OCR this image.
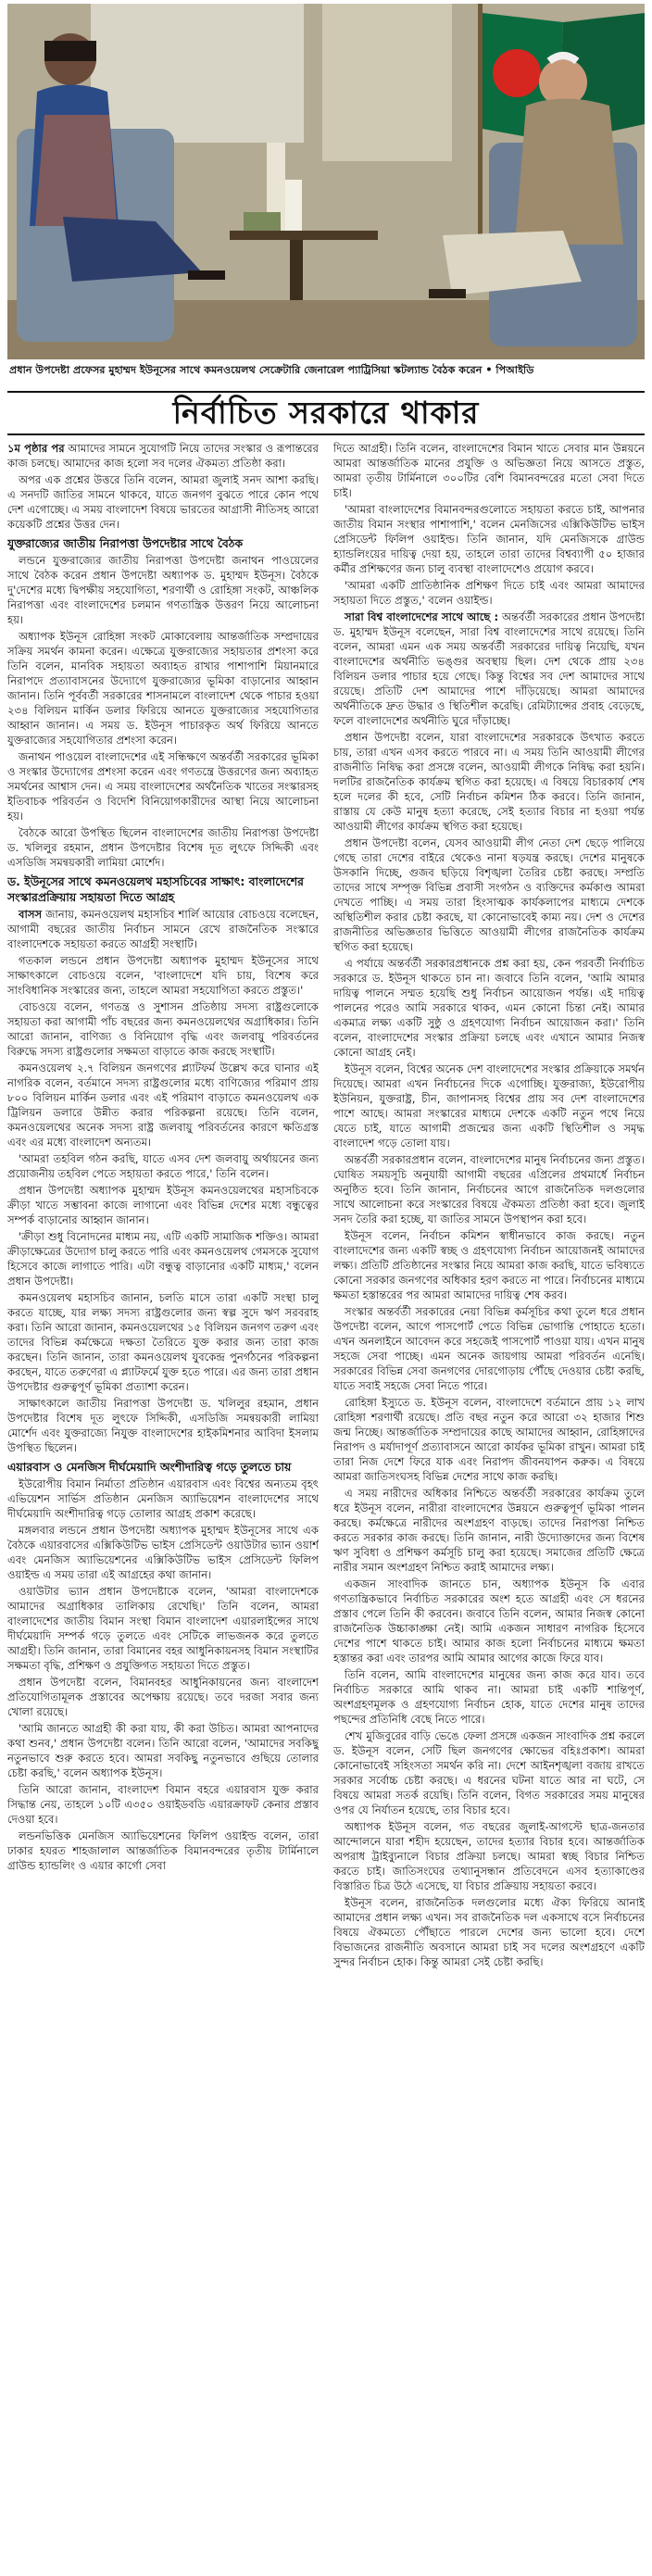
প্রধান উপদেষ্টা প্রফেসর মুহাম্মদ ইউনূসের সাথে কমনওয়েলথ সেক্রেটারি জেনারেল প্যাট্রিসিয়া স্কটল্যান্ড বৈঠক করেন • পিআইডি
নির্বাচিত সরকারে থাকার

১ম পৃষ্ঠার পর আমাদের সামনে সুযোগটি নিয়ে তাদের সংস্কার ও রূপান্তরের কাজ চলছে। আমাদের কাজ হলো সব দলের ঐকমত্য প্রতিষ্ঠা করা।

অপর এক প্রশ্নের উত্তরে তিনি বলেন, আমরা জুলাই সনদ আশা করছি। এ সনদটি জাতির সামনে থাকবে, যাতে জনগণ বুঝতে পারে কোন পথে দেশ এগোচ্ছে। এ সময় বাংলাদেশ বিষয়ে ভারতের আগ্রাসী নীতিসহ আরো কয়েকটি প্রশ্নের উত্তর দেন।

যুক্তরাজ্যের জাতীয় নিরাপত্তা উপদেষ্টার সাথে বৈঠক

লন্ডনে যুক্তরাজ্যের জাতীয় নিরাপত্তা উপদেষ্টা জনাথন পাওয়েলের সাথে বৈঠক করেন প্রধান উপদেষ্টা অধ্যাপক ড. মুহাম্মদ ইউনূস। বৈঠকে দু'দেশের মধ্যে দ্বিপক্ষীয় সহযোগিতা, শরণার্থী ও রোহিঙ্গা সংকট, আঞ্চলিক নিরাপত্তা এবং বাংলাদেশের চলমান গণতান্ত্রিক উত্তরণ নিয়ে আলোচনা হয়।

অধ্যাপক ইউনূস রোহিঙ্গা সংকট মোকাবেলায় আন্তর্জাতিক সম্প্রদায়ের সক্রিয় সমর্থন কামনা করেন। এক্ষেত্রে যুক্তরাজ্যের সহায়তার প্রশংসা করে তিনি বলেন, মানবিক সহায়তা অব্যাহত রাখার পাশাপাশি মিয়ানমারে নিরাপদে প্রত্যাবাসনের উদ্যোগে যুক্তরাজ্যের ভূমিকা বাড়ানোর আহ্বান জানান। তিনি পূর্ববর্তী সরকারের শাসনামলে বাংলাদেশ থেকে পাচার হওয়া ২৩৪ বিলিয়ন মার্কিন ডলার ফিরিয়ে আনতে যুক্তরাজ্যের সহযোগিতার আহ্বান জানান। এ সময় ড. ইউনূস পাচারকৃত অর্থ ফিরিয়ে আনতে যুক্তরাজ্যের সহযোগিতার প্রশংসা করেন।

জনাথন পাওয়েল বাংলাদেশের এই সন্ধিক্ষণে অন্তর্বর্তী সরকারের ভূমিকা ও সংস্কার উদ্যোগের প্রশংসা করেন এবং গণতন্ত্রে উত্তরণের জন্য অব্যাহত সমর্থনের আশ্বাস দেন। এ সময় বাংলাদেশের অর্থনৈতিক খাতের সংস্কারসহ ইতিবাচক পরিবর্তন ও বিদেশি বিনিয়োগকারীদের আস্থা নিয়ে আলোচনা হয়।

বৈঠকে আরো উপস্থিত ছিলেন বাংলাদেশের জাতীয় নিরাপত্তা উপদেষ্টা ড. খলিলুর রহমান, প্রধান উপদেষ্টার বিশেষ দূত লুৎফে সিদ্দিকী এবং এসডিজি সমন্বয়কারী লামিয়া মোর্শেদ।

ড. ইউনূসের সাথে কমনওয়েলথ মহাসচিবের সাক্ষাৎ: বাংলাদেশের সংস্কারপ্রক্রিয়ায় সহায়তা দিতে আগ্রহ

বাসস জানায়, কমনওয়েলথ মহাসচিব শার্লি আয়োর বোচওয়ে বলেছেন, আগামী বছরের জাতীয় নির্বাচন সামনে রেখে রাজনৈতিক সংস্কারে বাংলাদেশকে সহায়তা করতে আগ্রহী সংস্থাটি।

গতকাল লন্ডনে প্রধান উপদেষ্টা অধ্যাপক মুহাম্মদ ইউনূসের সাথে সাক্ষাৎকালে বোচওয়ে বলেন, 'বাংলাদেশে যদি চায়, বিশেষ করে সাংবিধানিক সংস্কারের জন্য, তাহলে আমরা সহযোগিতা করতে প্রস্তুত।'

বোচওয়ে বলেন, গণতন্ত্র ও সুশাসন প্রতিষ্ঠায় সদস্য রাষ্ট্রগুলোকে সহায়তা করা আগামী পাঁচ বছরের জন্য কমনওয়েলথের অগ্রাধিকার। তিনি আরো জানান, বাণিজ্য ও বিনিয়োগ বৃদ্ধি এবং জলবায়ু পরিবর্তনের বিরুদ্ধে সদস্য রাষ্ট্রগুলোর সক্ষমতা বাড়াতে কাজ করছে সংস্থাটি।

কমনওয়েলথ ২.৭ বিলিয়ন জনগণের প্ল্যাটফর্ম উল্লেখ করে ঘানার এই নাগরিক বলেন, বর্তমানে সদস্য রাষ্ট্রগুলোর মধ্যে বাণিজ্যের পরিমাণ প্রায় ৮০০ বিলিয়ন মার্কিন ডলার এবং এই পরিমাণ বাড়াতে কমনওয়েলথ এক ট্রিলিয়ন ডলারে উন্নীত করার পরিকল্পনা রয়েছে। তিনি বলেন, কমনওয়েলথের অনেক সদস্য রাষ্ট্র জলবায়ু পরিবর্তনের কারণে ক্ষতিগ্রস্ত এবং এর মধ্যে বাংলাদেশ অন্যতম।

'আমরা তহবিল গঠন করছি, যাতে এসব দেশ জলবায়ু অর্থায়নের জন্য প্রয়োজনীয় তহবিল পেতে সহায়তা করতে পারে,' তিনি বলেন।

প্রধান উপদেষ্টা অধ্যাপক মুহাম্মদ ইউনূস কমনওয়েলথের মহাসচিবকে ক্রীড়া খাতে সম্ভাবনা কাজে লাগানো এবং বিভিন্ন দেশের মধ্যে বন্ধুত্বের সম্পর্ক বাড়ানোর আহ্বান জানান।

'ক্রীড়া শুধু বিনোদনের মাধ্যম নয়, এটি একটি সামাজিক শক্তিও। আমরা ক্রীড়াক্ষেত্রের উদ্যোগ চালু করতে পারি এবং কমনওয়েলথ গেমসকে সুযোগ হিসেবে কাজে লাগাতে পারি। এটা বন্ধুত্ব বাড়ানোর একটি মাধ্যম,' বলেন প্রধান উপদেষ্টা।

কমনওয়েলথ মহাসচিব জানান, চলতি মাসে তারা একটি সংস্থা চালু করতে যাচ্ছে, যার লক্ষ্য সদস্য রাষ্ট্রগুলোর জন্য স্বল্প সুদে ঋণ সরবরাহ করা। তিনি আরো জানান, কমনওয়েলথের ১৫ বিলিয়ন জনগণ তরুণ এবং তাদের বিভিন্ন কর্মক্ষেত্রে দক্ষতা তৈরিতে যুক্ত করার জন্য তারা কাজ করছেন। তিনি জানান, তারা কমনওয়েলথ যুবকেন্দ্র পুনর্গঠনের পরিকল্পনা করছেন, যাতে তরুণেরা এ প্ল্যাটফর্মে যুক্ত হতে পারে। এর জন্য তারা প্রধান উপদেষ্টার গুরুত্বপূর্ণ ভূমিকা প্রত্যাশা করেন।

সাক্ষাৎকালে জাতীয় নিরাপত্তা উপদেষ্টা ড. খলিলুর রহমান, প্রধান উপদেষ্টার বিশেষ দূত লুৎফে সিদ্দিকী, এসডিজি সমন্বয়কারী লামিয়া মোর্শেদ এবং যুক্তরাজ্যে নিযুক্ত বাংলাদেশের হাইকমিশনার আবিদা ইসলাম উপস্থিত ছিলেন।

এয়ারবাস ও মেনজিস দীর্ঘমেয়াদি অংশীদারিত্ব গড়ে তুলতে চায়

ইউরোপীয় বিমান নির্মাতা প্রতিষ্ঠান এয়ারবাস এবং বিশ্বের অন্যতম বৃহৎ এভিয়েশন সার্ভিস প্রতিষ্ঠান মেনজিস অ্যাভিয়েশন বাংলাদেশের সাথে দীর্ঘমেয়াদি অংশীদারিত্ব গড়ে তোলার আগ্রহ প্রকাশ করেছে।

মঙ্গলবার লন্ডনে প্রধান উপদেষ্টা অধ্যাপক মুহাম্মদ ইউনূসের সাথে এক বৈঠকে এয়ারবাসের এক্সিকিউটিভ ভাইস প্রেসিডেন্ট ওয়াউটার ভ্যান ওয়ার্শ এবং মেনজিস অ্যাভিয়েশনের এক্সিকিউটিভ ভাইস প্রেসিডেন্ট ফিলিপ ওয়াইল্ড এ সময় তারা এই আগ্রহের কথা জানান।

ওয়াউটার ভ্যান প্রধান উপদেষ্টাকে বলেন, 'আমরা বাংলাদেশকে আমাদের অগ্রাধিকার তালিকায় রেখেছি।' তিনি বলেন, আমরা বাংলাদেশের জাতীয় বিমান সংস্থা বিমান বাংলাদেশ এয়ারলাইন্সের সাথে দীর্ঘমেয়াদি সম্পর্ক গড়ে তুলতে এবং সেটিকে লাভজনক করে তুলতে আগ্রহী। তিনি জানান, তারা বিমানের বহর আধুনিকায়নসহ বিমান সংস্থাটির সক্ষমতা বৃদ্ধি, প্রশিক্ষণ ও প্রযুক্তিগত সহায়তা দিতে প্রস্তুত।

প্রধান উপদেষ্টা বলেন, বিমানবহর আধুনিকায়নের জন্য বাংলাদেশ প্রতিযোগিতামূলক প্রস্তাবের অপেক্ষায় রয়েছে। তবে দরজা সবার জন্য খোলা রয়েছে।

'আমি জানতে আগ্রহী কী করা যায়, কী করা উচিত। আমরা আপনাদের কথা শুনব,' প্রধান উপদেষ্টা বলেন। তিনি আরো বলেন, 'আমাদের সবকিছু নতুনভাবে শুরু করতে হবে। আমরা সবকিছু নতুনভাবে গুছিয়ে তোলার চেষ্টা করছি,' বলেন অধ্যাপক ইউনূস।

তিনি আরো জানান, বাংলাদেশ বিমান বহরে এয়ারবাস যুক্ত করার সিদ্ধান্ত নেয়, তাহলে ১০টি এ৩৫০ ওয়াইডবডি এয়ারক্রাফট কেনার প্রস্তাব দেওয়া হবে।

লন্ডনভিত্তিক মেনজিস অ্যাভিয়েশনের ফিলিপ ওয়াইল্ড বলেন, তারা ঢাকার হযরত শাহজালাল আন্তর্জাতিক বিমানবন্দরের তৃতীয় টার্মিনালে গ্রাউন্ড হ্যান্ডলিং ও এয়ার কার্গো সেবা

দিতে আগ্রহী। তিনি বলেন, বাংলাদেশের বিমান খাতে সেবার মান উন্নয়নে আমরা আন্তর্জাতিক মানের প্রযুক্তি ও অভিজ্ঞতা নিয়ে আসতে প্রস্তুত, আমরা তৃতীয় টার্মিনালে ৩০০টির বেশি বিমানবন্দরের মতো সেবা দিতে চাই।

'আমরা বাংলাদেশের বিমানবন্দরগুলোতে সহায়তা করতে চাই, আপনার জাতীয় বিমান সংস্থার পাশাপাশি,' বলেন মেনজিসের এক্সিকিউটিভ ভাইস প্রেসিডেন্ট ফিলিপ ওয়াইল্ড। তিনি জানান, যদি মেনজিসকে গ্রাউন্ড হ্যান্ডলিংয়ের দায়িত্ব দেয়া হয়, তাহলে তারা তাদের বিশ্বব্যাপী ৫০ হাজার কর্মীর প্রশিক্ষণের জন্য চালু ব্যবস্থা বাংলাদেশেও প্রয়োগ করবে।

'আমরা একটি প্রাতিষ্ঠানিক প্রশিক্ষণ দিতে চাই এবং আমরা আমাদের সহায়তা দিতে প্রস্তুত,' বলেন ওয়াইল্ড।

সারা বিশ্ব বাংলাদেশের সাথে আছে : অন্তর্বর্তী সরকারের প্রধান উপদেষ্টা ড. মুহাম্মদ ইউনূস বলেছেন, সারা বিশ্ব বাংলাদেশের সাথে রয়েছে। তিনি বলেন, আমরা এমন এক সময় অন্তর্বর্তী সরকারের দায়িত্ব নিয়েছি, যখন বাংলাদেশের অর্থনীতি ভঙ্গুর অবস্থায় ছিল। দেশ থেকে প্রায় ২৩৪ বিলিয়ন ডলার পাচার হয়ে গেছে। কিন্তু বিশ্বের সব দেশ আমাদের সাথে রয়েছে। প্রতিটি দেশ আমাদের পাশে দাঁড়িয়েছে। আমরা আমাদের অর্থনীতিকে দ্রুত উদ্ধার ও স্থিতিশীল করেছি। রেমিট্যান্সের প্রবাহ বেড়েছে, ফলে বাংলাদেশের অর্থনীতি ঘুরে দাঁড়াচ্ছে।

প্রধান উপদেষ্টা বলেন, যারা বাংলাদেশের সরকারকে উৎখাত করতে চায়, তারা এখন এসব করতে পারবে না। এ সময় তিনি আওয়ামী লীগের রাজনীতি নিষিদ্ধ করা প্রসঙ্গে বলেন, আওয়ামী লীগকে নিষিদ্ধ করা হয়নি। দলটির রাজনৈতিক কার্যক্রম স্থগিত করা হয়েছে। এ বিষয়ে বিচারকার্য শেষ হলে দলের কী হবে, সেটি নির্বাচন কমিশন ঠিক করবে। তিনি জানান, রাস্তায় যে কেউ মানুষ হত্যা করেছে, সেই হত্যার বিচার না হওয়া পর্যন্ত আওয়ামী লীগের কার্যক্রম স্থগিত করা হয়েছে।

প্রধান উপদেষ্টা বলেন, যেসব আওয়ামী লীগ নেতা দেশ ছেড়ে পালিয়ে গেছে তারা দেশের বাইরে থেকেও নানা ষড়যন্ত্র করছে। দেশের মানুষকে উসকানি দিচ্ছে, গুজব ছড়িয়ে বিশৃঙ্খলা তৈরির চেষ্টা করছে। সম্প্রতি তাদের সাথে সম্পৃক্ত বিভিন্ন প্রবাসী সংগঠন ও ব্যক্তিদের কর্মকাণ্ড আমরা দেখতে পাচ্ছি। এ সময় তারা হিংসাত্মক কার্যকলাপের মাধ্যমে দেশকে অস্থিতিশীল করার চেষ্টা করছে, যা কোনোভাবেই কাম্য নয়। দেশ ও দেশের রাজনীতির অভিজ্ঞতার ভিত্তিতে আওয়ামী লীগের রাজনৈতিক কার্যক্রম স্থগিত করা হয়েছে।

এ পর্যায়ে অন্তর্বর্তী সরকারপ্রধানকে প্রশ্ন করা হয়, কেন পরবর্তী নির্বাচিত সরকারে ড. ইউনূস থাকতে চান না। জবাবে তিনি বলেন, 'আমি আমার দায়িত্ব পালনে সম্মত হয়েছি শুধু নির্বাচন আয়োজন পর্যন্ত। এই দায়িত্ব পালনের পরেও আমি সরকারে থাকব, এমন কোনো চিন্তা নেই। আমার একমাত্র লক্ষ্য একটি সুষ্ঠু ও গ্রহণযোগ্য নির্বাচন আয়োজন করা।' তিনি বলেন, বাংলাদেশের সংস্কার প্রক্রিয়া চলছে এবং এখানে আমার নিজস্ব কোনো আগ্রহ নেই।

ইউনূস বলেন, বিশ্বের অনেক দেশ বাংলাদেশের সংস্কার প্রক্রিয়াকে সমর্থন দিয়েছে। আমরা এখন নির্বাচনের দিকে এগোচ্ছি। যুক্তরাজ্য, ইউরোপীয় ইউনিয়ন, যুক্তরাষ্ট্র, চীন, জাপানসহ বিশ্বের প্রায় সব দেশ বাংলাদেশের পাশে আছে। আমরা সংস্কারের মাধ্যমে দেশকে একটি নতুন পথে নিয়ে যেতে চাই, যাতে আগামী প্রজন্মের জন্য একটি স্থিতিশীল ও সমৃদ্ধ বাংলাদেশ গড়ে তোলা যায়।

অন্তর্বর্তী সরকারপ্রধান বলেন, বাংলাদেশের মানুষ নির্বাচনের জন্য প্রস্তুত। ঘোষিত সময়সূচি অনুযায়ী আগামী বছরের এপ্রিলের প্রথমার্ধে নির্বাচন অনুষ্ঠিত হবে। তিনি জানান, নির্বাচনের আগে রাজনৈতিক দলগুলোর সাথে আলোচনা করে সংস্কারের বিষয়ে ঐকমত্য প্রতিষ্ঠা করা হবে। জুলাই সনদ তৈরি করা হচ্ছে, যা জাতির সামনে উপস্থাপন করা হবে।

ইউনূস বলেন, নির্বাচন কমিশন স্বাধীনভাবে কাজ করছে। নতুন বাংলাদেশের জন্য একটি স্বচ্ছ ও গ্রহণযোগ্য নির্বাচন আয়োজনই আমাদের লক্ষ্য। প্রতিটি প্রতিষ্ঠানের সংস্কার নিয়ে আমরা কাজ করছি, যাতে ভবিষ্যতে কোনো সরকার জনগণের অধিকার হরণ করতে না পারে। নির্বাচনের মাধ্যমে ক্ষমতা হস্তান্তরের পর আমরা আমাদের দায়িত্ব শেষ করব।

সংস্কার অন্তর্বর্তী সরকারের নেয়া বিভিন্ন কর্মসূচির কথা তুলে ধরে প্রধান উপদেষ্টা বলেন, আগে পাসপোর্ট পেতে বিভিন্ন ভোগান্তি পোহাতে হতো। এখন অনলাইনে আবেদন করে সহজেই পাসপোর্ট পাওয়া যায়। এখন মানুষ সহজে সেবা পাচ্ছে। এমন অনেক জায়গায় আমরা পরিবর্তন এনেছি। সরকারের বিভিন্ন সেবা জনগণের দোরগোড়ায় পৌঁছে দেওয়ার চেষ্টা করছি, যাতে সবাই সহজে সেবা নিতে পারে।

রোহিঙ্গা ইস্যুতে ড. ইউনূস বলেন, বাংলাদেশে বর্তমানে প্রায় ১২ লাখ রোহিঙ্গা শরণার্থী রয়েছে। প্রতি বছর নতুন করে আরো ৩২ হাজার শিশু জন্ম নিচ্ছে। আন্তর্জাতিক সম্প্রদায়ের কাছে আমাদের আহ্বান, রোহিঙ্গাদের নিরাপদ ও মর্যাদাপূর্ণ প্রত্যাবাসনে আরো কার্যকর ভূমিকা রাখুন। আমরা চাই তারা নিজ দেশে ফিরে যাক এবং নিরাপদ জীবনযাপন করুক। এ বিষয়ে আমরা জাতিসংঘসহ বিভিন্ন দেশের সাথে কাজ করছি।

এ সময় নারীদের অধিকার নিশ্চিতে অন্তর্বর্তী সরকারের কার্যক্রম তুলে ধরে ইউনূস বলেন, নারীরা বাংলাদেশের উন্নয়নে গুরুত্বপূর্ণ ভূমিকা পালন করছে। কর্মক্ষেত্রে নারীদের অংশগ্রহণ বাড়ছে। তাদের নিরাপত্তা নিশ্চিত করতে সরকার কাজ করছে। তিনি জানান, নারী উদ্যোক্তাদের জন্য বিশেষ ঋণ সুবিধা ও প্রশিক্ষণ কর্মসূচি চালু করা হয়েছে। সমাজের প্রতিটি ক্ষেত্রে নারীর সমান অংশগ্রহণ নিশ্চিত করাই আমাদের লক্ষ্য।

একজন সাংবাদিক জানতে চান, অধ্যাপক ইউনূস কি এবার গণতান্ত্রিকভাবে নির্বাচিত সরকারের অংশ হতে আগ্রহী এবং সে ধরনের প্রস্তাব পেলে তিনি কী করবেন। জবাবে তিনি বলেন, আমার নিজস্ব কোনো রাজনৈতিক উচ্চাকাঙ্ক্ষা নেই। আমি একজন সাধারণ নাগরিক হিসেবে দেশের পাশে থাকতে চাই। আমার কাজ হলো নির্বাচনের মাধ্যমে ক্ষমতা হস্তান্তর করা এবং তারপর আমি আমার আগের কাজে ফিরে যাব।

তিনি বলেন, আমি বাংলাদেশের মানুষের জন্য কাজ করে যাব। তবে নির্বাচিত সরকারে আমি থাকব না। আমরা চাই একটি শান্তিপূর্ণ, অংশগ্রহণমূলক ও গ্রহণযোগ্য নির্বাচন হোক, যাতে দেশের মানুষ তাদের পছন্দের প্রতিনিধি বেছে নিতে পারে।

শেখ মুজিবুরের বাড়ি ভেঙে ফেলা প্রসঙ্গে একজন সাংবাদিক প্রশ্ন করলে ড. ইউনূস বলেন, সেটি ছিল জনগণের ক্ষোভের বহিঃপ্রকাশ। আমরা কোনোভাবেই সহিংসতা সমর্থন করি না। দেশে আইনশৃঙ্খলা বজায় রাখতে সরকার সর্বোচ্চ চেষ্টা করছে। এ ধরনের ঘটনা যাতে আর না ঘটে, সে বিষয়ে আমরা সতর্ক রয়েছি। তিনি বলেন, বিগত সরকারের সময় মানুষের ওপর যে নির্যাতন হয়েছে, তার বিচার হবে।

অধ্যাপক ইউনূস বলেন, গত বছরের জুলাই-আগস্টে ছাত্র-জনতার আন্দোলনে যারা শহীদ হয়েছেন, তাদের হত্যার বিচার হবে। আন্তর্জাতিক অপরাধ ট্রাইব্যুনালে বিচার প্রক্রিয়া চলছে। আমরা স্বচ্ছ বিচার নিশ্চিত করতে চাই। জাতিসংঘের তথ্যানুসন্ধান প্রতিবেদনে এসব হত্যাকাণ্ডের বিস্তারিত চিত্র উঠে এসেছে, যা বিচার প্রক্রিয়ায় সহায়তা করবে।

ইউনূস বলেন, রাজনৈতিক দলগুলোর মধ্যে ঐক্য ফিরিয়ে আনাই আমাদের প্রধান লক্ষ্য এখন। সব রাজনৈতিক দল একসাথে বসে নির্বাচনের বিষয়ে ঐকমত্যে পৌঁছাতে পারলে দেশের জন্য ভালো হবে। দেশে বিভাজনের রাজনীতি অবসানে আমরা চাই সব দলের অংশগ্রহণে একটি সুন্দর নির্বাচন হোক। কিন্তু আমরা সেই চেষ্টা করছি।
